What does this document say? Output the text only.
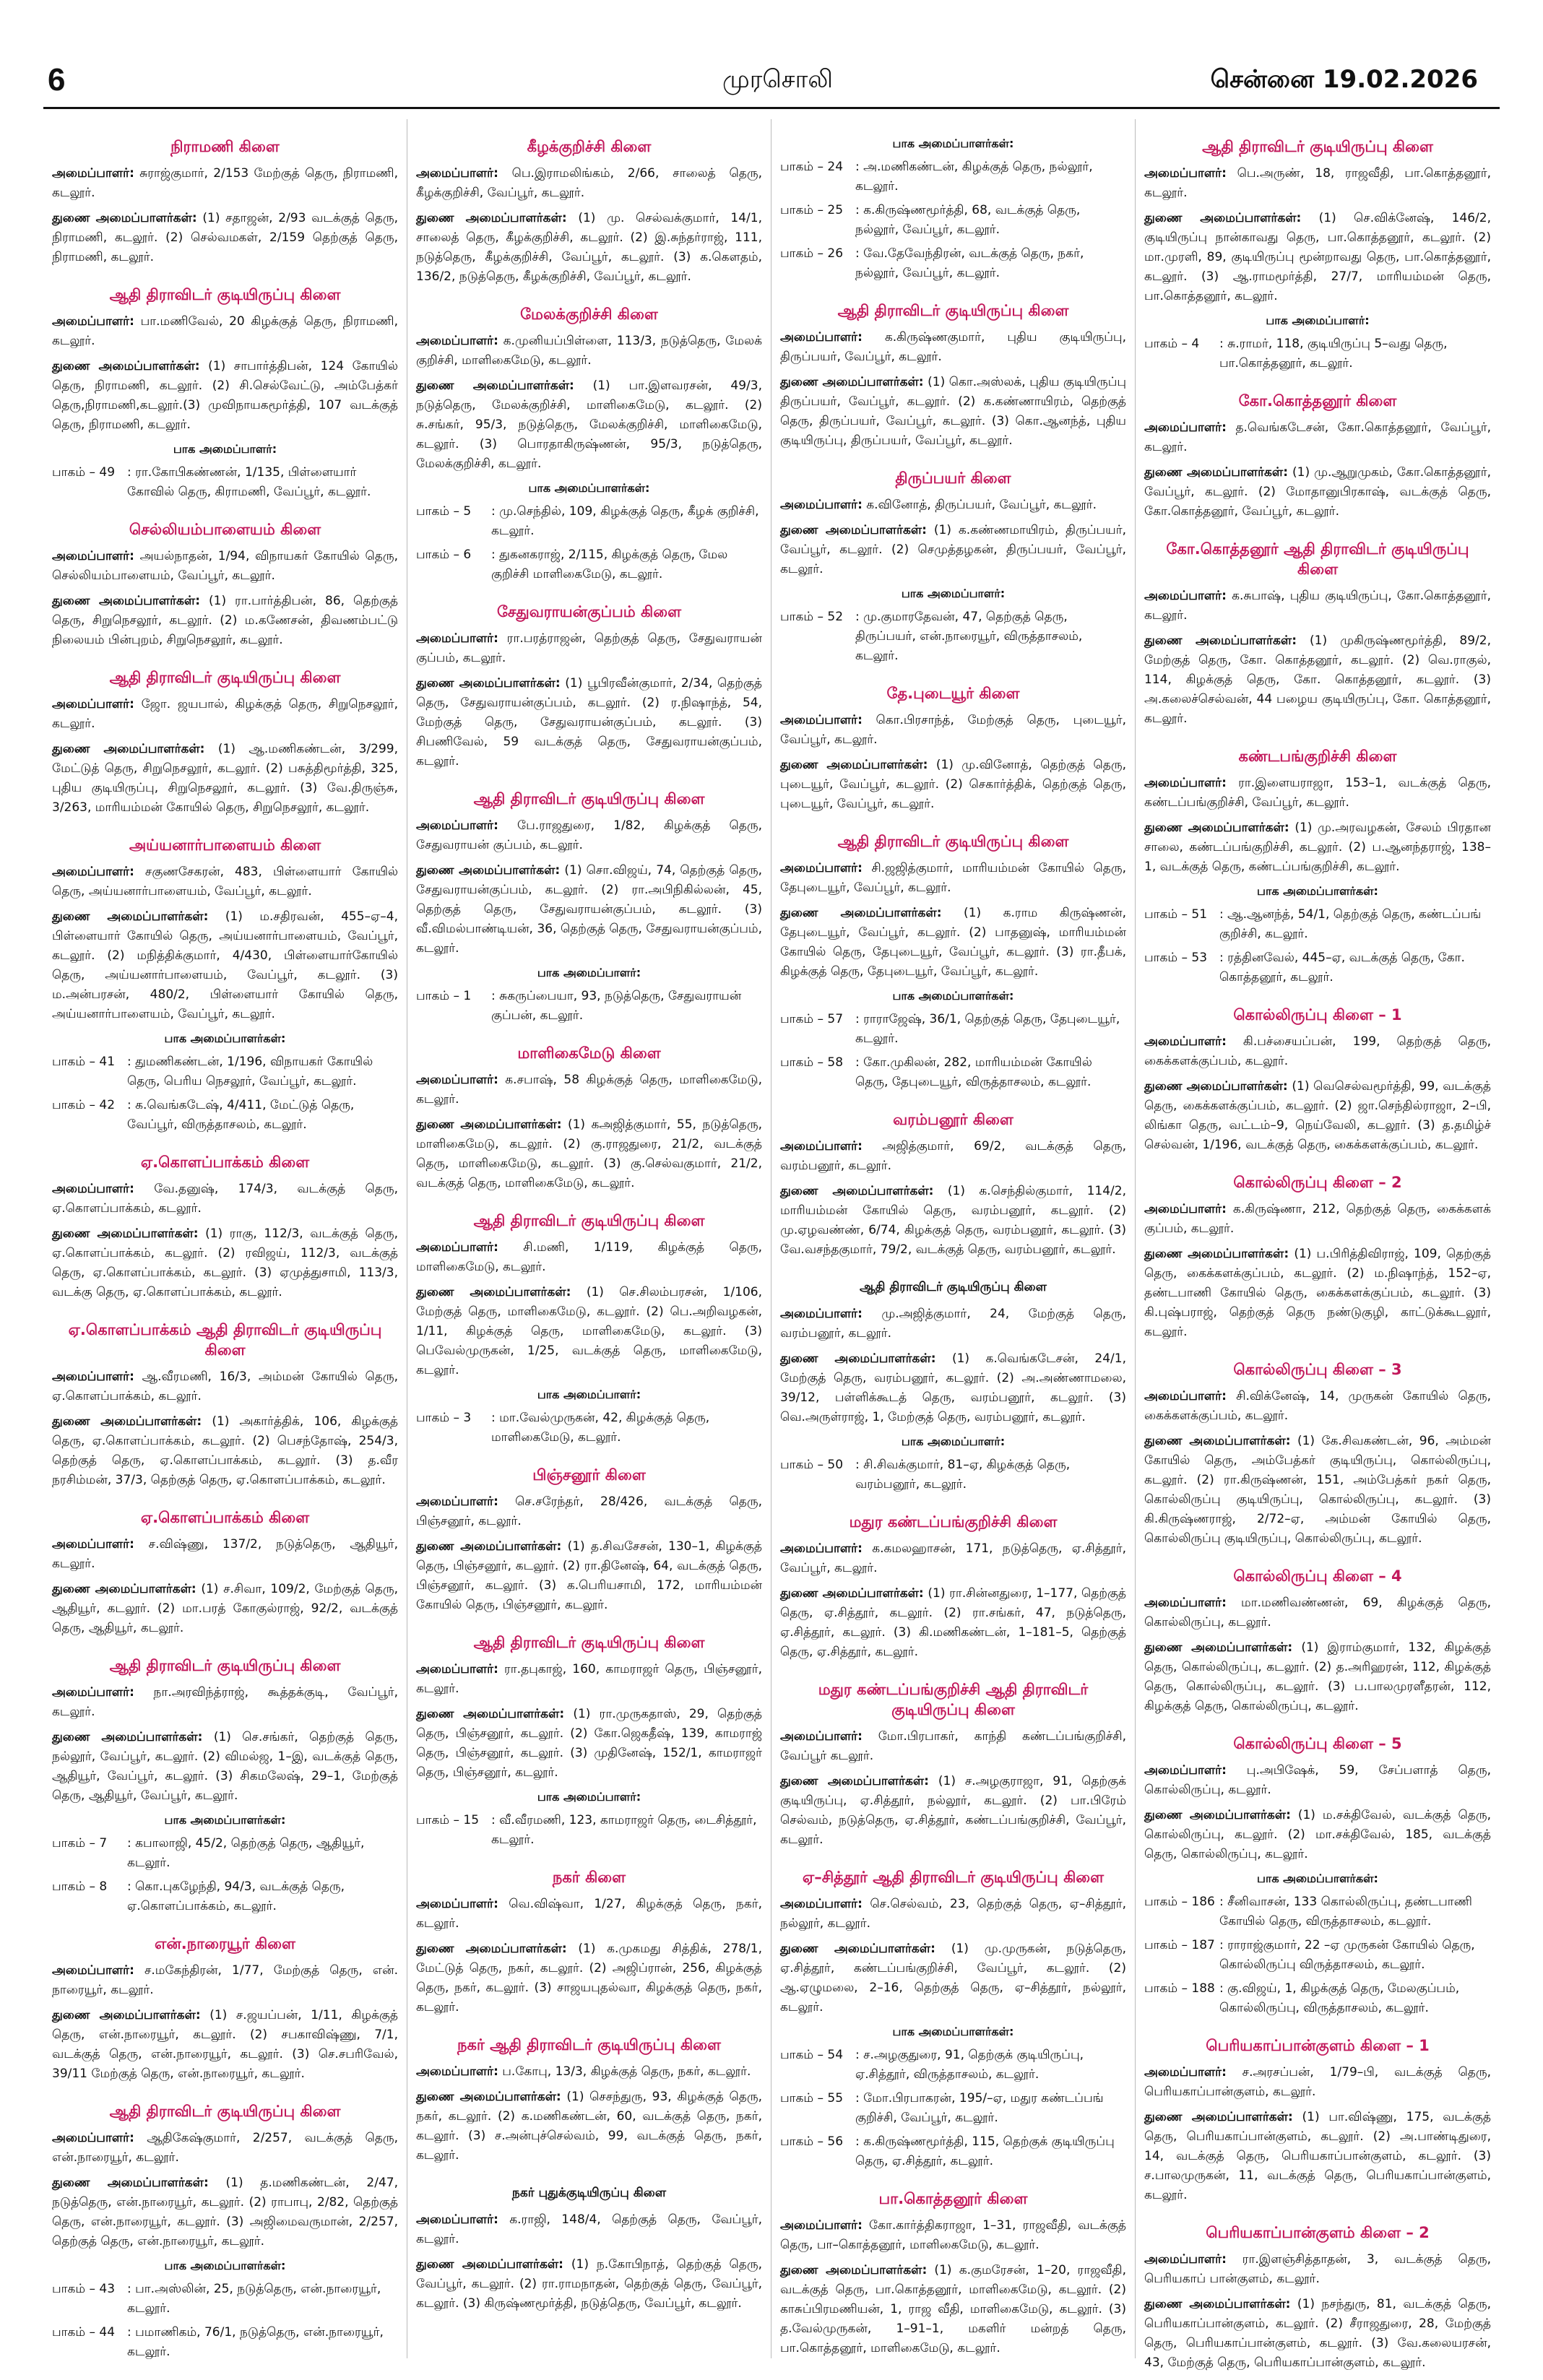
6	முரசொலி	சென்னை 19.02.2026
நிராமணி கிளை
அமைப்பாளர்: சுராஜ்குமார், 2/153 மேற்குத் தெரு, நிராமணி, கடலூர்.
துணை அமைப்பாளர்கள்: (1) சதாஜன், 2/93 வடக்குத் தெரு, நிராமணி, கடலூர். (2) செல்வமகள், 2/159 தெற்குத் தெரு, நிராமணி, கடலூர்.
ஆதி திராவிடர் குடியிருப்பு கிளை
அமைப்பாளர்: பா.மணிவேல், 20 கிழக்குத் தெரு, நிராமணி, கடலூர்.
துணை அமைப்பாளர்கள்: (1) சாபார்த்திபன், 124 கோயில் தெரு, நிராமணி, கடலூர். (2) சி.செல்வேட்டு, அம்பேத்கர் தெரு,நிராமணி,கடலூர்.(3) முவிநாயகமூர்த்தி, 107 வடக்குத் தெரு, நிராமணி, கடலூர்.
பாக அமைப்பாளர்:
பாகம் – 49 : ரா.கோபிகண்ணன், 1/135, பிள்ளையார் கோவில் தெரு, கிராமணி, வேப்பூர், கடலூர்.
செல்லியம்பாளையம் கிளை
அமைப்பாளர்: அயல்நாதன், 1/94, விநாயகர் கோயில் தெரு, செல்லியம்பாளையம், வேப்பூர், கடலூர்.
துணை அமைப்பாளர்கள்: (1) ரா.பார்த்திபன், 86, தெற்குத் தெரு, சிறுநெசலூர், கடலூர். (2) ம.கணேசன், திவணம்பட்டு நிலையம் பின்புறம், சிறுநெசலூர், கடலூர்.
ஆதி திராவிடர் குடியிருப்பு கிளை
அமைப்பாளர்: ஜோ. ஜயபால், கிழக்குத் தெரு, சிறுநெசலூர், கடலூர்.
துணை அமைப்பாளர்கள்: (1) ஆ.மணிகண்டன், 3/299, மேட்டுத் தெரு, சிறுநெசலூர், கடலூர். (2) பசுத்திமூர்த்தி, 325, புதிய குடியிருப்பு, சிறுநெசலூர், கடலூர். (3) வே.திருஞ்சு, 3/263, மாரியம்மன் கோயில் தெரு, சிறுநெசலூர், கடலூர்.
அய்யனார்பாளையம் கிளை
அமைப்பாளர்: சகுணசேகரன், 483, பிள்ளையார் கோயில் தெரு, அய்யனார்பாளையம், வேப்பூர், கடலூர்.
துணை அமைப்பாளர்கள்: (1) ம.சதிரவன், 455–ஏ–4, பிள்ளையார் கோயில் தெரு, அய்யனார்பாளையம், வேப்பூர், கடலூர். (2) மநித்திக்குமார், 4/430, பிள்ளையார்கோயில் தெரு, அய்யனார்பாளையம், வேப்பூர், கடலூர். (3) ம.அன்பரசன், 480/2, பிள்ளையார் கோயில் தெரு, அய்யனார்பாளையம், வேப்பூர், கடலூர்.
பாக அமைப்பாளர்கள்:
பாகம் – 41 : துமணிகண்டன், 1/196, விநாயகர் கோயில் தெரு, பெரிய நெசலூர், வேப்பூர், கடலூர்.
பாகம் – 42 : க.வெங்கடேஷ், 4/411, மேட்டுத் தெரு, வேப்பூர், விருத்தாசலம், கடலூர்.
ஏ.கொளப்பாக்கம் கிளை
அமைப்பாளர்: வே.தனுஷ், 174/3, வடக்குத் தெரு, ஏ.கொளப்பாக்கம், கடலூர்.
துணை அமைப்பாளர்கள்: (1) ராகு, 112/3, வடக்குத் தெரு, ஏ.கொளப்பாக்கம், கடலூர். (2) ரவிஜய், 112/3, வடக்குத் தெரு, ஏ.கொளப்பாக்கம், கடலூர். (3) ஏமுத்துசாமி, 113/3, வடக்கு தெரு, ஏ.கொளப்பாக்கம், கடலூர்.
ஏ.கொளப்பாக்கம் ஆதி திராவிடர் குடியிருப்பு கிளை
அமைப்பாளர்: ஆ.வீரமணி, 16/3, அம்மன் கோயில் தெரு, ஏ.கொளப்பாக்கம், கடலூர்.
துணை அமைப்பாளர்கள்: (1) அகார்த்திக், 106, கிழக்குத் தெரு, ஏ.கொளப்பாக்கம், கடலூர். (2) பெசந்தோஷ், 254/3, தெற்குத் தெரு, ஏ.கொளப்பாக்கம், கடலூர். (3) த.வீர நரசிம்மன், 37/3, தெற்குத் தெரு, ஏ.கொளப்பாக்கம், கடலூர்.
ஏ.கொளப்பாக்கம் கிளை
அமைப்பாளர்: ச.விஷ்ணு, 137/2, நடுத்தெரு, ஆதியூர், கடலூர்.
துணை அமைப்பாளர்கள்: (1) ச.சிவா, 109/2, மேற்குத் தெரு, ஆதியூர், கடலூர். (2) மா.பரத் கோகுல்ராஜ், 92/2, வடக்குத் தெரு, ஆதியூர், கடலூர்.
ஆதி திராவிடர் குடியிருப்பு கிளை
அமைப்பாளர்: நா.அரவிந்த்ராஜ், கூத்தக்குடி, வேப்பூர், கடலூர்.
துணை அமைப்பாளர்கள்: (1) செ.சங்கர், தெற்குத் தெரு, நல்லூர், வேப்பூர், கடலூர். (2) விமல்ஜ, 1–இ, வடக்குத் தெரு, ஆதியூர், வேப்பூர், கடலூர். (3) சிகமலேஷ், 29–1, மேற்குத் தெரு, ஆதியூர், வேப்பூர், கடலூர்.
பாக அமைப்பாளர்கள்:
பாகம் – 7	: கபாலாஜி, 45/2, தெற்குத் தெரு, ஆதியூர், கடலூர்.
பாகம் – 8	: கொ.புகழேந்தி, 94/3, வடக்குத் தெரு, ஏ.கொளப்பாக்கம், கடலூர்.
என்.நாரையூர் கிளை
அமைப்பாளர்: ச.மகேந்திரன், 1/77, மேற்குத் தெரு, என். நாரையூர், கடலூர்.
துணை அமைப்பாளர்கள்: (1) ச.ஜயப்பன், 1/11, கிழக்குத் தெரு, என்.நாரையூர், கடலூர். (2) சபகாவிஷ்ணு, 7/1, வடக்குத் தெரு, என்.நாரையூர், கடலூர். (3) செ.சபரிவேல், 39/11 மேற்குத் தெரு, என்.நாரையூர், கடலூர்.
ஆதி திராவிடர் குடியிருப்பு கிளை
அமைப்பாளர்: ஆதிகேஷ்குமார், 2/257, வடக்குத் தெரு, என்.நாரையூர், கடலூர்.
துணை அமைப்பாளர்கள்: (1) த.மணிகண்டன், 2/47, நடுத்தெரு, என்.நாரையூர், கடலூர். (2) ராபாபு, 2/82, தெற்குத் தெரு, என்.நாரையூர், கடலூர். (3) அஜிமைவருமான், 2/257, தெற்குத் தெரு, என்.நாரையூர், கடலூர்.
பாக அமைப்பாளர்கள்:
பாகம் – 43 : பா.அஸ்லின், 25, நடுத்தெரு, என்.நாரையூர், கடலூர்.
பாகம் – 44 : பமாணிகம், 76/1, நடுத்தெரு, என்.நாரையூர், கடலூர்.
கீழக்குறிச்சி கிளை
அமைப்பாளர்: பெ.இராமலிங்கம், 2/66, சாலைத் தெரு, கீழக்குறிச்சி, வேப்பூர், கடலூர்.
துணை அமைப்பாளர்கள்: (1) மு. செல்வக்குமார், 14/1, சாலைத் தெரு, கீழக்குறிச்சி, கடலூர். (2) இ.சுந்தர்ராஜ், 111, நடுத்தெரு, கீழக்குறிச்சி, வேப்பூர், கடலூர். (3) க.கௌதம், 136/2, நடுத்தெரு, கீழக்குறிச்சி, வேப்பூர், கடலூர்.
மேலக்குறிச்சி கிளை
அமைப்பாளர்: க.முனியப்பிள்ளை, 113/3, நடுத்தெரு, மேலக் குறிச்சி, மாளிகைமேடு, கடலூர்.
துணை அமைப்பாளர்கள்: (1) பா.இளவரசன், 49/3, நடுத்தெரு, மேலக்குறிச்சி, மாளிகைமேடு, கடலூர். (2) சு.சங்கர், 95/3, நடுத்தெரு, மேலக்குறிச்சி, மாளிகைமேடு, கடலூர். (3) பொரதாகிருஷ்ணன், 95/3, நடுத்தெரு, மேலக்குறிச்சி, கடலூர்.
பாக அமைப்பாளர்கள்:
பாகம் – 5	: மு.செந்தில், 109, கிழக்குத் தெரு, கீழக் குறிச்சி, கடலூர்.
பாகம் – 6	: துகனகராஜ், 2/115, கிழக்குத் தெரு, மேல குறிச்சி மாளிகைமேடு, கடலூர்.
சேதுவராயன்குப்பம் கிளை
அமைப்பாளர்: ரா.பரத்ராஜன், தெற்குத் தெரு, சேதுவராயன் குப்பம், கடலூர்.
துணை அமைப்பாளர்கள்: (1) பூபிரவீன்குமார், 2/34, தெற்குத் தெரு, சேதுவராயன்குப்பம், கடலூர். (2) ர.நிஷாந்த், 54, மேற்குத் தெரு, சேதுவராயன்குப்பம், கடலூர். (3) சிபணிவேல், 59 வடக்குத் தெரு, சேதுவராயன்குப்பம், கடலூர்.
ஆதி திராவிடர் குடியிருப்பு கிளை
அமைப்பாளர்: பே.ராஜதுரை, 1/82, கிழக்குத் தெரு, சேதுவராயன் குப்பம், கடலூர்.
துணை அமைப்பாளர்கள்: (1) சொ.விஜய், 74, தெற்குத் தெரு, சேதுவராயன்குப்பம், கடலூர். (2) ரா.அபிநிகில்லன், 45, தெற்குத் தெரு, சேதுவராயன்குப்பம், கடலூர். (3) வீ.விமல்பாண்டியன், 36, தெற்குத் தெரு, சேதுவராயன்குப்பம், கடலூர்.
பாக அமைப்பாளர்:
பாகம் – 1	: சுகருப்பையா, 93, நடுத்தெரு, சேதுவராயன் குப்பன், கடலூர்.
மாளிகைமேடு கிளை
அமைப்பாளர்: க.சபாஷ், 58 கிழக்குத் தெரு, மாளிகைமேடு, கடலூர்.
துணை அமைப்பாளர்கள்: (1) கஅஜித்குமார், 55, நடுத்தெரு, மாளிகைமேடு, கடலூர். (2) கு.ராஜதுரை, 21/2, வடக்குத் தெரு, மாளிகைமேடு, கடலூர். (3) கு.செல்வகுமார், 21/2, வடக்குத் தெரு, மாளிகைமேடு, கடலூர்.
ஆதி திராவிடர் குடியிருப்பு கிளை
அமைப்பாளர்: சி.மணி, 1/119, கிழக்குத் தெரு, மாளிகைமேடு, கடலூர்.
துணை அமைப்பாளர்கள்: (1) செ.சிலம்பரசன், 1/106, மேற்குத் தெரு, மாளிகைமேடு, கடலூர். (2) பெ.அறிவழகன், 1/11, கிழக்குத் தெரு, மாளிகைமேடு, கடலூர். (3) பெவேல்முருகன், 1/25, வடக்குத் தெரு, மாளிகைமேடு, கடலூர்.
பாக அமைப்பாளர்:
பாகம் – 3	: மா.வேல்முருகன், 42, கிழக்குத் தெரு, மாளிகைமேடு, கடலூர்.
பிஞ்சனூர் கிளை
அமைப்பாளர்: செ.சரேந்தர், 28/426, வடக்குத் தெரு, பிஞ்சனூர், கடலூர்.
துணை அமைப்பாளர்கள்: (1) த.சிவசேசன், 130–1, கிழக்குத் தெரு, பிஞ்சனூர், கடலூர். (2) ரா.தினேஷ், 64, வடக்குத் தெரு, பிஞ்சனூர், கடலூர். (3) க.பெரியசாமி, 172, மாரியம்மன் கோயில் தெரு, பிஞ்சனூர், கடலூர்.
ஆதி திராவிடர் குடியிருப்பு கிளை
அமைப்பாளர்: ரா.தபுகாஜ், 160, காமராஜர் தெரு, பிஞ்சனூர், கடலூர்.
துணை அமைப்பாளர்கள்: (1) ரா.முருகதாஸ், 29, தெற்குத் தெரு, பிஞ்சனூர், கடலூர். (2) கோ.ஜெகதீஷ், 139, காமராஜ் தெரு, பிஞ்சனூர், கடலூர். (3) முதினேஷ், 152/1, காமராஜர் தெரு, பிஞ்சனூர், கடலூர்.
பாக அமைப்பாளர்:
பாகம் – 15 : வீ.வீரமணி, 123, காமராஜர் தெரு, டைசித்தூர், கடலூர்.
நகர் கிளை
அமைப்பாளர்: வெ.விஷ்வா, 1/27, கிழக்குத் தெரு, நகர், கடலூர்.
துணை அமைப்பாளர்கள்: (1) க.முகமது சித்திக், 278/1, மேட்டுத் தெரு, நகர், கடலூர். (2) அஜிப்ரான், 256, கிழக்குத் தெரு, நகர், கடலூர். (3) சாஜயபுதல்வா, கிழக்குத் தெரு, நகர், கடலூர்.
நகர் ஆதி திராவிடர் குடியிருப்பு கிளை
அமைப்பாளர்: ப.கோபு, 13/3, கிழக்குத் தெரு, நகர், கடலூர்.
துணை அமைப்பாளர்கள்: (1) செசந்துரு, 93, கிழக்குத் தெரு, நகர், கடலூர். (2) க.மணிகண்டன், 60, வடக்குத் தெரு, நகர், கடலூர். (3) ச.அன்புச்செல்வம், 99, வடக்குத் தெரு, நகர், கடலூர்.
நகர் புதுக்குடியிருப்பு கிளை
அமைப்பாளர்: க.ராஜி, 148/4, தெற்குத் தெரு, வேப்பூர், கடலூர்.
துணை அமைப்பாளர்கள்: (1) ந.கோபிநாத், தெற்குத் தெரு, வேப்பூர், கடலூர். (2) ரா.ராமநாதன், தெற்குத் தெரு, வேப்பூர், கடலூர். (3) கிருஷ்ணமூர்த்தி, நடுத்தெரு, வேப்பூர், கடலூர்.
பாக அமைப்பாளர்கள்:
பாகம் – 24 : அ.மணிகண்டன், கிழக்குத் தெரு, நல்லூர், கடலூர்.
பாகம் – 25 : க.கிருஷ்ணமூர்த்தி, 68, வடக்குத் தெரு, நல்லூர், வேப்பூர், கடலூர்.
பாகம் – 26 : வே.தேவேந்திரன், வடக்குத் தெரு, நகர், நல்லூர், வேப்பூர், கடலூர்.
ஆதி திராவிடர் குடியிருப்பு கிளை
அமைப்பாளர்: க.கிருஷ்ணகுமார், புதிய குடியிருப்பு, திருப்பயர், வேப்பூர், கடலூர்.
துணை அமைப்பாளர்கள்: (1) கொ.அஸ்லக், புதிய குடியிருப்பு திருப்பயர், வேப்பூர், கடலூர். (2) க.கண்ணாயிரம், தெற்குத் தெரு, திருப்பயர், வேப்பூர், கடலூர். (3) கொ.ஆனந்த், புதிய குடியிருப்பு, திருப்பயர், வேப்பூர், கடலூர்.
திருப்பயர் கிளை
அமைப்பாளர்: க.வினோத், திருப்பயர், வேப்பூர், கடலூர்.
துணை அமைப்பாளர்கள்: (1) க.கண்ணமாயிரம், திருப்பயர், வேப்பூர், கடலூர். (2) செமுத்தழகன், திருப்பயர், வேப்பூர், கடலூர்.
பாக அமைப்பாளர்:
பாகம் – 52 : மு.குமாரதேவன், 47, தெற்குத் தெரு, திருப்பயர், என்.நாரையூர், விருத்தாசலம், கடலூர்.
தே.புடையூர் கிளை
அமைப்பாளர்: கொ.பிரசாந்த், மேற்குத் தெரு, புடையூர், வேப்பூர், கடலூர்.
துணை அமைப்பாளர்கள்: (1) மு.வினோத், தெற்குத் தெரு, புடையூர், வேப்பூர், கடலூர். (2) செகார்த்திக், தெற்குத் தெரு, புடையூர், வேப்பூர், கடலூர்.
ஆதி திராவிடர் குடியிருப்பு கிளை
அமைப்பாளர்: சி.ஜஜித்குமார், மாரியம்மன் கோயில் தெரு, தேபுடையூர், வேப்பூர், கடலூர்.
துணை அமைப்பாளர்கள்: (1) க.ராம கிருஷ்ணன், தேபுடையூர், வேப்பூர், கடலூர். (2) பாதனுஷ், மாரியம்மன் கோயில் தெரு, தேபுடையூர், வேப்பூர், கடலூர். (3) ரா.தீபக், கிழக்குத் தெரு, தேபுடையூர், வேப்பூர், கடலூர்.
பாக அமைப்பாளர்கள்:
பாகம் – 57 : ராராஜேஷ், 36/1, தெற்குத் தெரு, தேபுடையூர், கடலூர்.
பாகம் – 58 : கோ.முகிலன், 282, மாரியம்மன் கோயில் தெரு, தேபுடையூர், விருத்தாசலம், கடலூர்.
வரம்பனூர் கிளை
அமைப்பாளர்: அஜித்குமார், 69/2, வடக்குத் தெரு, வரம்பனூர், கடலூர்.
துணை அமைப்பாளர்கள்: (1) க.செந்தில்குமார், 114/2, மாரியம்மன் கோயில் தெரு, வரம்பனூர், கடலூர். (2) மு.ஏழவண்ண், 6/74, கிழக்குத் தெரு, வரம்பனூர், கடலூர். (3) வே.வசந்தகுமார், 79/2, வடக்குத் தெரு, வரம்பனூர், கடலூர்.
ஆதி திராவிடர் குடியிருப்பு கிளை
அமைப்பாளர்: மு.அஜித்குமார், 24, மேற்குத் தெரு, வரம்பனூர், கடலூர்.
துணை அமைப்பாளர்கள்: (1) க.வெங்கடேசன், 24/1, மேற்குத் தெரு, வரம்பனூர், கடலூர். (2) அ.அண்ணாமலை, 39/12, பள்ளிக்கூடத் தெரு, வரம்பனூர், கடலூர். (3) வெ.அருள்ராஜ், 1, மேற்குத் தெரு, வரம்பனூர், கடலூர்.
பாக அமைப்பாளர்:
பாகம் – 50 : சி.சிவக்குமார், 81–ஏ, கிழக்குத் தெரு, வரம்பனூர், கடலூர்.
மதுர கண்டப்பங்குறிச்சி கிளை
அமைப்பாளர்: க.கமலஹாசன், 171, நடுத்தெரு, ஏ.சித்தூர், வேப்பூர், கடலூர்.
துணை அமைப்பாளர்கள்: (1) ரா.சின்னதுரை, 1–177, தெற்குத் தெரு, ஏ.சித்தூர், கடலூர். (2) ரா.சங்கர், 47, நடுத்தெரு, ஏ.சித்தூர், கடலூர். (3) கி.மணிகண்டன், 1–181–5, தெற்குத் தெரு, ஏ.சித்தூர், கடலூர்.
மதுர கண்டப்பங்குறிச்சி ஆதி திராவிடர் குடியிருப்பு கிளை
அமைப்பாளர்: மோ.பிரபாகர், காந்தி கண்டப்பங்குறிச்சி, வேப்பூர் கடலூர்.
துணை அமைப்பாளர்கள்: (1) ச.அழகுராஜா, 91, தெற்குக் குடியிருப்பு, ஏ.சித்தூர், நல்லூர், கடலூர். (2) பா.பிரேம் செல்வம், நடுத்தெரு, ஏ.சித்தூர், கண்டப்பங்குறிச்சி, வேப்பூர், கடலூர்.
ஏ–சித்தூர் ஆதி திராவிடர் குடியிருப்பு கிளை
அமைப்பாளர்: செ.செல்வம், 23, தெற்குத் தெரு, ஏ–சித்தூர், நல்லூர், கடலூர்.
துணை அமைப்பாளர்கள்: (1) மு.முருகன், நடுத்தெரு, ஏ.சித்தூர், கண்டப்பங்குறிச்சி, வேப்பூர், கடலூர். (2) ஆ.ஏழுமலை, 2–16, தெற்குத் தெரு, ஏ–சித்தூர், நல்லூர், கடலூர்.
பாக அமைப்பாளர்கள்:
பாகம் – 54 : ச.அழகுதுரை, 91, தெற்குக் குடியிருப்பு, ஏ.சித்தூர், விருத்தாசலம், கடலூர்.
பாகம் – 55 : மோ.பிரபாகரன், 195/–ஏ, மதுர கண்டப்பங் குறிச்சி, வேப்பூர், கடலூர்.
பாகம் – 56 : க.கிருஷ்ணமூர்த்தி, 115, தெற்குக் குடியிருப்பு தெரு, ஏ.சித்தூர், கடலூர்.
பா.கொத்தனூர் கிளை
அமைப்பாளர்: கோ.கார்த்திகராஜா, 1–31, ராஜவீதி, வடக்குத் தெரு, பா–கொத்தனூர், மாளிகைமேடு, கடலூர்.
துணை அமைப்பாளர்கள்: (1) க.குமரேசன், 1–20, ராஜவீதி, வடக்குத் தெரு, பா.கொத்தனூர், மாளிகைமேடு, கடலூர். (2) காசுப்பிரமணியன், 1, ராஜ வீதி, மாளிகைமேடு, கடலூர். (3) த.வேல்முருகன், 1–91–1, மகளிர் மன்றத் தெரு, பா.கொத்தனூர், மாளிகைமேடு, கடலூர்.
ஆதி திராவிடர் குடியிருப்பு கிளை
அமைப்பாளர்: பெ.அருண், 18, ராஜவீதி, பா.கொத்தனூர், கடலூர்.
துணை அமைப்பாளர்கள்: (1) செ.விக்னேஷ், 146/2, குடியிருப்பு நான்காவது தெரு, பா.கொத்தனூர், கடலூர். (2) மா.முரளி, 89, குடியிருப்பு மூன்றாவது தெரு, பா.கொத்தனூர், கடலூர். (3) ஆ.ராமமூர்த்தி, 27/7, மாரியம்மன் தெரு, பா.கொத்தனூர், கடலூர்.
பாக அமைப்பாளர்:
பாகம் – 4	: சு.ராமர், 118, குடியிருப்பு 5–வது தெரு, பா.கொத்தனூர், கடலூர்.
கோ.கொத்தனூர் கிளை
அமைப்பாளர்: த.வெங்கடேசன், கோ.கொத்தனூர், வேப்பூர், கடலூர்.
துணை அமைப்பாளர்கள்: (1) மு.ஆறுமுகம், கோ.கொத்தனூர், வேப்பூர், கடலூர். (2) மோதானுபிரகாஷ், வடக்குத் தெரு, கோ.கொத்தனூர், வேப்பூர், கடலூர்.
கோ.கொத்தனூர் ஆதி திராவிடர் குடியிருப்பு கிளை
அமைப்பாளர்: க.சுபாஷ், புதிய குடியிருப்பு, கோ.கொத்தனூர், கடலூர்.
துணை அமைப்பாளர்கள்: (1) முகிருஷ்ணமூர்த்தி, 89/2, மேற்குத் தெரு, கோ. கொத்தனூர், கடலூர். (2) வெ.ராகுல், 114, கிழக்குத் தெரு, கோ. கொத்தனூர், கடலூர். (3) அ.கலைச்செல்வன், 44 பழைய குடியிருப்பு, கோ. கொத்தனூர், கடலூர்.
கண்டபங்குறிச்சி கிளை
அமைப்பாளர்: ரா.இளையராஜா, 153–1, வடக்குத் தெரு, கண்டப்பங்குறிச்சி, வேப்பூர், கடலூர்.
துணை அமைப்பாளர்கள்: (1) மு.அரவழகன், சேலம் பிரதான சாலை, கண்டப்பங்குறிச்சி, கடலூர். (2) ப.ஆனந்தராஜ், 138–1, வடக்குத் தெரு, கண்டப்பங்குறிச்சி, கடலூர்.
பாக அமைப்பாளர்கள்:
பாகம் – 51 : ஆ.ஆனந்த், 54/1, தெற்குத் தெரு, கண்டப்பங் குறிச்சி, கடலூர்.
பாகம் – 53 : ரத்தினவேல், 445–ஏ, வடக்குத் தெரு, கோ. கொத்தனூர், கடலூர்.
கொல்லிருப்பு கிளை – 1
அமைப்பாளர்: கி.பச்சையப்பன், 199, தெற்குத் தெரு, கைக்களக்குப்பம், கடலூர்.
துணை அமைப்பாளர்கள்: (1) வெசெல்வமூர்த்தி, 99, வடக்குத் தெரு, கைக்களக்குப்பம், கடலூர். (2) ஜா.செந்தில்ராஜா, 2–பி, லிங்கா தெரு, வட்டம்–9, நெய்வேலி, கடலூர். (3) த.தமிழ்ச் செல்வன், 1/196, வடக்குத் தெரு, கைக்களக்குப்பம், கடலூர்.
கொல்லிருப்பு கிளை – 2
அமைப்பாளர்: க.கிருஷ்ணா, 212, தெற்குத் தெரு, கைக்களக் குப்பம், கடலூர்.
துணை அமைப்பாளர்கள்: (1) ப.பிரித்திவிராஜ், 109, தெற்குத் தெரு, கைக்களக்குப்பம், கடலூர். (2) ம.நிஷாந்த், 152–ஏ, தண்டபாணி கோயில் தெரு, கைக்களக்குப்பம், கடலூர். (3) கி.புஷ்பராஜ், தெற்குத் தெரு நண்டுகுழி, காட்டுக்கூடலூர், கடலூர்.
கொல்லிருப்பு கிளை – 3
அமைப்பாளர்: சி.விக்னேஷ், 14, முருகன் கோயில் தெரு, கைக்களக்குப்பம், கடலூர்.
துணை அமைப்பாளர்கள்: (1) கே.சிவகண்டன், 96, அம்மன் கோயில் தெரு, அம்பேத்கர் குடியிருப்பு, கொல்லிருப்பு, கடலூர். (2) ரா.கிருஷ்ணன், 151, அம்பேத்கர் நகர் தெரு, கொல்லிருப்பு குடியிருப்பு, கொல்லிருப்பு, கடலூர். (3) கி.கிருஷ்ணராஜ், 2/72–ஏ, அம்மன் கோயில் தெரு, கொல்லிருப்பு குடியிருப்பு, கொல்லிருப்பு, கடலூர்.
கொல்லிருப்பு கிளை – 4
அமைப்பாளர்: மா.மணிவண்ணன், 69, கிழக்குத் தெரு, கொல்லிருப்பு, கடலூர்.
துணை அமைப்பாளர்கள்: (1) இராம்குமார், 132, கிழக்குத் தெரு, கொல்லிருப்பு, கடலூர். (2) த.அரிஹரன், 112, கிழக்குத் தெரு, கொல்லிருப்பு, கடலூர். (3) ப.பாலமுரளீதரன், 112, கிழக்குத் தெரு, கொல்லிருப்பு, கடலூர்.
கொல்லிருப்பு கிளை – 5
அமைப்பாளர்: பு.அபிஷேக், 59, சேப்பளாத் தெரு, கொல்லிருப்பு, கடலூர்.
துணை அமைப்பாளர்கள்: (1) ம.சக்திவேல், வடக்குத் தெரு, கொல்லிருப்பு, கடலூர். (2) மா.சக்திவேல், 185, வடக்குத் தெரு, கொல்லிருப்பு, கடலூர்.
பாக அமைப்பாளர்கள்:
பாகம் – 186 : சீனிவாசன், 133 கொல்லிருப்பு, தண்டபாணி கோயில் தெரு, விருத்தாசலம், கடலூர்.
பாகம் – 187 : ராராஜ்குமார், 22 –ஏ முருகன் கோயில் தெரு, கொல்லிருப்பு விருத்தாசலம், கடலூர்.
பாகம் – 188 : கு.விஜய், 1, கிழக்குத் தெரு, மேலகுப்பம், கொல்லிருப்பு, விருத்தாசலம், கடலூர்.
பெரியகாப்பான்குளம் கிளை – 1
அமைப்பாளர்: ச.அரசப்பன், 1/79–பி, வடக்குத் தெரு, பெரியகாப்பான்குளம், கடலூர்.
துணை அமைப்பாளர்கள்: (1) பா.விஷ்ணு, 175, வடக்குத் தெரு, பெரியகாப்பான்குளம், கடலூர். (2) அ.பாண்டிதுரை, 14, வடக்குத் தெரு, பெரியகாப்பான்குளம், கடலூர். (3) ச.பாலமுருகன், 11, வடக்குத் தெரு, பெரியகாப்பான்குளம், கடலூர்.
பெரியகாப்பான்குளம் கிளை – 2
அமைப்பாளர்: ரா.இளஞ்சித்தாதன், 3, வடக்குத் தெரு, பெரியகாப் பான்குளம், கடலூர்.
துணை அமைப்பாளர்கள்: (1) நசந்துரு, 81, வடக்குத் தெரு, பெரியகாப்பான்குளம், கடலூர். (2) சீராஜதுரை, 28, மேற்குத் தெரு, பெரியகாப்பான்குளம், கடலூர். (3) வே.கலையரசன், 43, மேற்குத் தெரு, பெரியகாப்பான்குளம், கடலூர்.
